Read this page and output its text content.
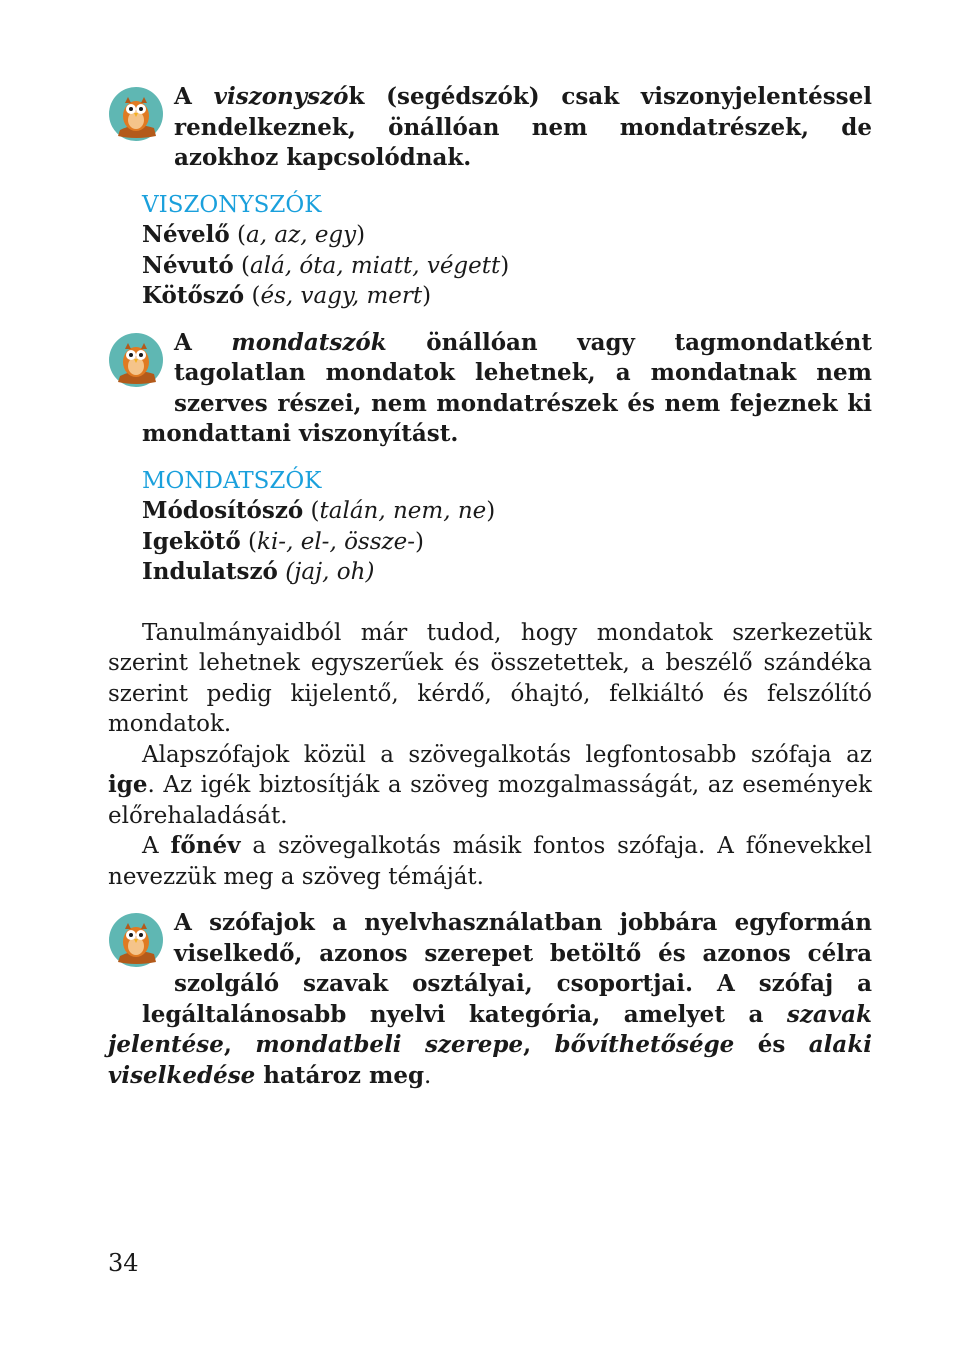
A viszonyszók (segédszók) csak viszonyjelentéssel rendelkeznek, önállóan nem mondatrészek, de azokhoz kapcsolódnak.

VISZONYSZÓK

Névelő (a, az, egy)

Névutó (alá, óta, miatt, végett)

Kötőszó (és, vagy, mert)

A mondatszók önállóan vagy tagmondatként tagolatlan mondatok lehetnek, a mondatnak nem szerves részei, nem mondatrészek és nem fejeznek ki mondattani viszonyítást.

MONDATSZÓK

Módosítószó (talán, nem, ne)

Igekötő (ki-, el-, össze-)

Indulatszó (jaj, oh)

Tanulmányaidból már tudod, hogy mondatok szerkezetük szerint lehetnek egyszerűek és összetettek, a beszélő szándéka szerint pedig kijelentő, kérdő, óhajtó, felkiáltó és felszólító mondatok.

Alapszófajok közül a szövegalkotás legfontosabb szófaja az ige. Az igék biztosítják a szöveg mozgalmasságát, az események előrehaladását.

A főnév a szövegalkotás másik fontos szófaja. A főnevekkel nevezzük meg a szöveg témáját.

A szófajok a nyelvhasználatban jobbára egyformán viselkedő, azonos szerepet betöltő és azonos célra szolgáló szavak osztályai, csoportjai. A szófaj a legáltalánosabb nyelvi kategória, amelyet a szavak jelentése, mondatbeli szerepe, bővíthetősége és alaki viselkedése határoz meg.

34
